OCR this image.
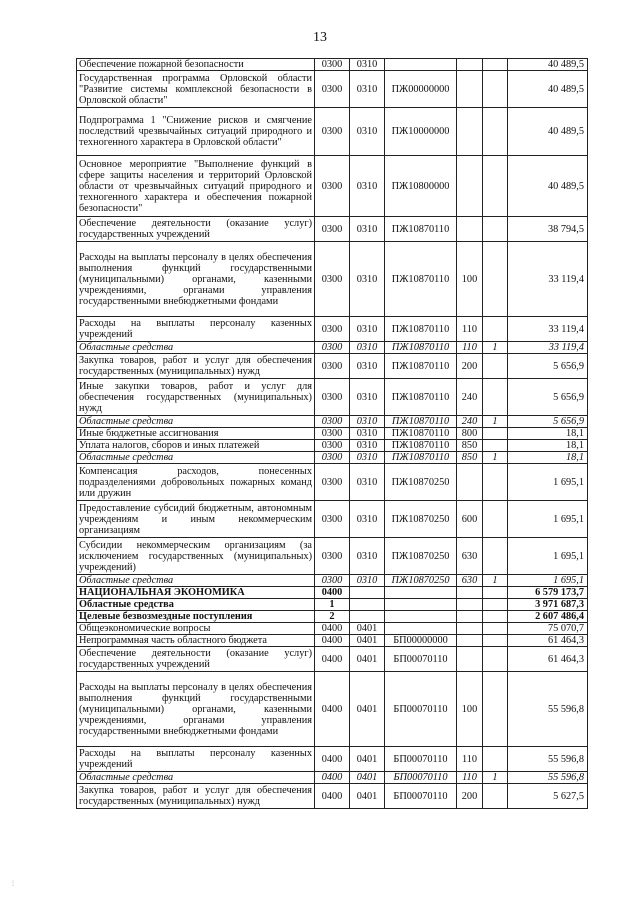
13
Обеспечение пожарной безопасности	0300	0310				40 489,5
Государственная программа Орловской области "Развитие системы комплексной безопасности в Орловской области"	0300	0310	ПЖ00000000			40 489,5
Подпрограмма 1 "Снижение рисков и смягчение последствий чрезвычайных ситуаций природного и техногенного характера в Орловской области"	0300	0310	ПЖ10000000			40 489,5
Основное мероприятие "Выполнение функций в сфере защиты населения и территорий Орловской области от чрезвычайных ситуаций природного и техногенного характера и обеспечения пожарной безопасности"	0300	0310	ПЖ10800000			40 489,5
Обеспечение деятельности (оказание услуг) государственных учреждений	0300	0310	ПЖ10870110			38 794,5
Расходы на выплаты персоналу в целях обеспечения выполнения функций государственными (муниципальными) органами, казенными учреждениями, органами управления государственными внебюджетными фондами	0300	0310	ПЖ10870110	100		33 119,4
Расходы на выплаты персоналу казенных учреждений	0300	0310	ПЖ10870110	110		33 119,4
Областные средства	0300	0310	ПЖ10870110	110	1	33 119,4
Закупка товаров, работ и услуг для обеспечения государственных (муниципальных) нужд	0300	0310	ПЖ10870110	200		5 656,9
Иные закупки товаров, работ и услуг для обеспечения государственных (муниципальных) нужд	0300	0310	ПЖ10870110	240		5 656,9
Областные средства	0300	0310	ПЖ10870110	240	1	5 656,9
Иные бюджетные ассигнования	0300	0310	ПЖ10870110	800		18,1
Уплата налогов, сборов и иных платежей	0300	0310	ПЖ10870110	850		18,1
Областные средства	0300	0310	ПЖ10870110	850	1	18,1
Компенсация расходов, понесенных подразделениями добровольных пожарных команд или дружин	0300	0310	ПЖ10870250			1 695,1
Предоставление субсидий бюджетным, автономным учреждениям и иным некоммерческим организациям	0300	0310	ПЖ10870250	600		1 695,1
Субсидии некоммерческим организациям (за исключением государственных (муниципальных) учреждений)	0300	0310	ПЖ10870250	630		1 695,1
Областные средства	0300	0310	ПЖ10870250	630	1	1 695,1
НАЦИОНАЛЬНАЯ ЭКОНОМИКА	0400					6 579 173,7
Областные средства	1					3 971 687,3
Целевые безвозмездные поступления	2					2 607 486,4
Общеэкономические вопросы	0400	0401				75 070,7
Непрограммная часть областного бюджета	0400	0401	БП00000000			61 464,3
Обеспечение деятельности (оказание услуг) государственных учреждений	0400	0401	БП00070110			61 464,3
Расходы на выплаты персоналу в целях обеспечения выполнения функций государственными (муниципальными) органами, казенными учреждениями, органами управления государственными внебюджетными фондами	0400	0401	БП00070110	100		55 596,8
Расходы на выплаты персоналу казенных учреждений	0400	0401	БП00070110	110		55 596,8
Областные средства	0400	0401	БП00070110	110	1	55 596,8
Закупка товаров, работ и услуг для обеспечения государственных (муниципальных) нужд	0400	0401	БП00070110	200		5 627,5
⋮
